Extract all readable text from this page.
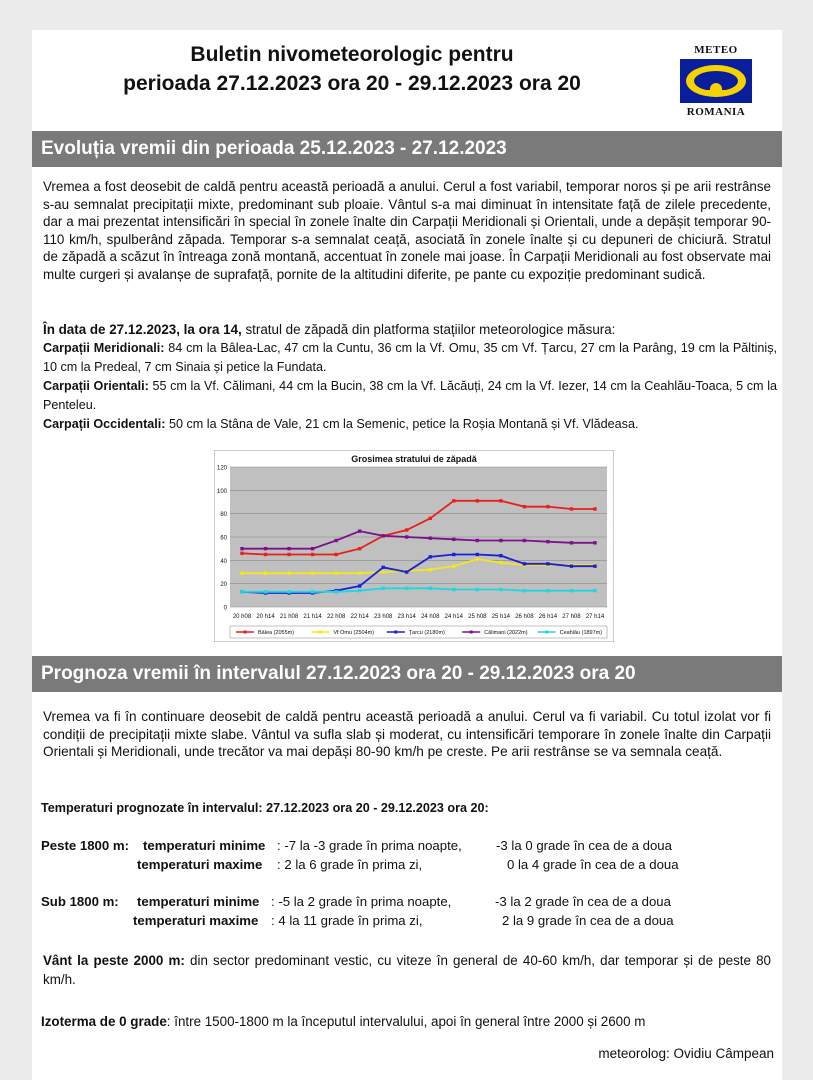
Buletin nivometeorologic pentru
perioada 27.12.2023 ora 20 - 29.12.2023 ora 20
METEO
ROMANIA
Evoluția vremii din perioada 25.12.2023 - 27.12.2023
Vremea a fost deosebit de caldă pentru această perioadă a anului. Cerul a fost variabil, temporar noros și pe arii restrânse s-au semnalat precipitații mixte, predominant sub ploaie. Vântul s-a mai diminuat în intensitate față de zilele precedente, dar a mai prezentat intensificări în special în zonele înalte din Carpații Meridionali și Orientali, unde a depășit temporar 90-110 km/h, spulberând zăpada. Temporar s-a semnalat ceață, asociată în zonele înalte și cu depuneri de chiciură. Stratul de zăpadă a scăzut în întreaga zonă montană, accentuat în zonele mai joase. În Carpații Meridionali au fost observate mai multe curgeri și avalanșe de suprafață, pornite de la altitudini diferite, pe pante cu expoziție predominant sudică.
În data de 27.12.2023, la ora 14, stratul de zăpadă din platforma stațiilor meteorologice măsura:
Carpații Meridionali: 84 cm la Bâlea-Lac, 47 cm la Cuntu, 36 cm la Vf. Omu, 35 cm Vf. Țarcu, 27 cm la Parâng, 19 cm la Păltiniș, 10 cm la Predeal, 7 cm Sinaia și petice la Fundata.
Carpații Orientali: 55 cm la Vf. Călimani, 44 cm la Bucin, 38 cm la Vf. Lăcăuți, 24 cm la Vf. Iezer, 14 cm la Ceahlău-Toaca, 5 cm la Penteleu.
Carpații Occidentali: 50 cm la Stâna de Vale, 21 cm la Semenic, petice la Roșia Montană și Vf. Vlădeasa.
Grosimea stratului de zăpadă
0
20
40
60
80
100
120
20 h08 20 h14 21 h08 21 h14 22 h08 22 h14 23 h08 23 h14 24 h08 24 h14 25 h08 25 h14 26 h08 26 h14 27 h08 27 h14
Bâlea (2055m)	Vf Omu (2504m)	Țarcu (2180m)	Călimani (2022m)	Ceahlău (1897m)
Prognoza vremii în intervalul 27.12.2023 ora 20 - 29.12.2023 ora 20
Vremea va fi în continuare deosebit de caldă pentru această perioadă a anului. Cerul va fi variabil. Cu totul izolat vor fi condiții de precipitații mixte slabe. Vântul va sufla slab și moderat, cu intensificări temporare în zonele înalte din Carpații Orientali și Meridionali, unde trecător va mai depăși 80-90 km/h pe creste. Pe arii restrânse se va semnala ceață.
Temperaturi prognozate în intervalul: 27.12.2023 ora 20 - 29.12.2023 ora 20:
Peste 1800 m: temperaturi minime : -7 la -3 grade în prima noapte,	-3 la 0 grade în cea de a doua
temperaturi maxime : 2 la 6 grade în prima zi,	0 la 4 grade în cea de a doua
Sub 1800 m: temperaturi minime : -5 la 2 grade în prima noapte,	-3 la 2 grade în cea de a doua
temperaturi maxime : 4 la 11 grade în prima zi,	2 la 9 grade în cea de a doua
Vânt la peste 2000 m: din sector predominant vestic, cu viteze în general de 40-60 km/h, dar temporar și de peste 80 km/h.
Izoterma de 0 grade: între 1500-1800 m la începutul intervalului, apoi în general între 2000 și 2600 m
meteorolog: Ovidiu Câmpean
